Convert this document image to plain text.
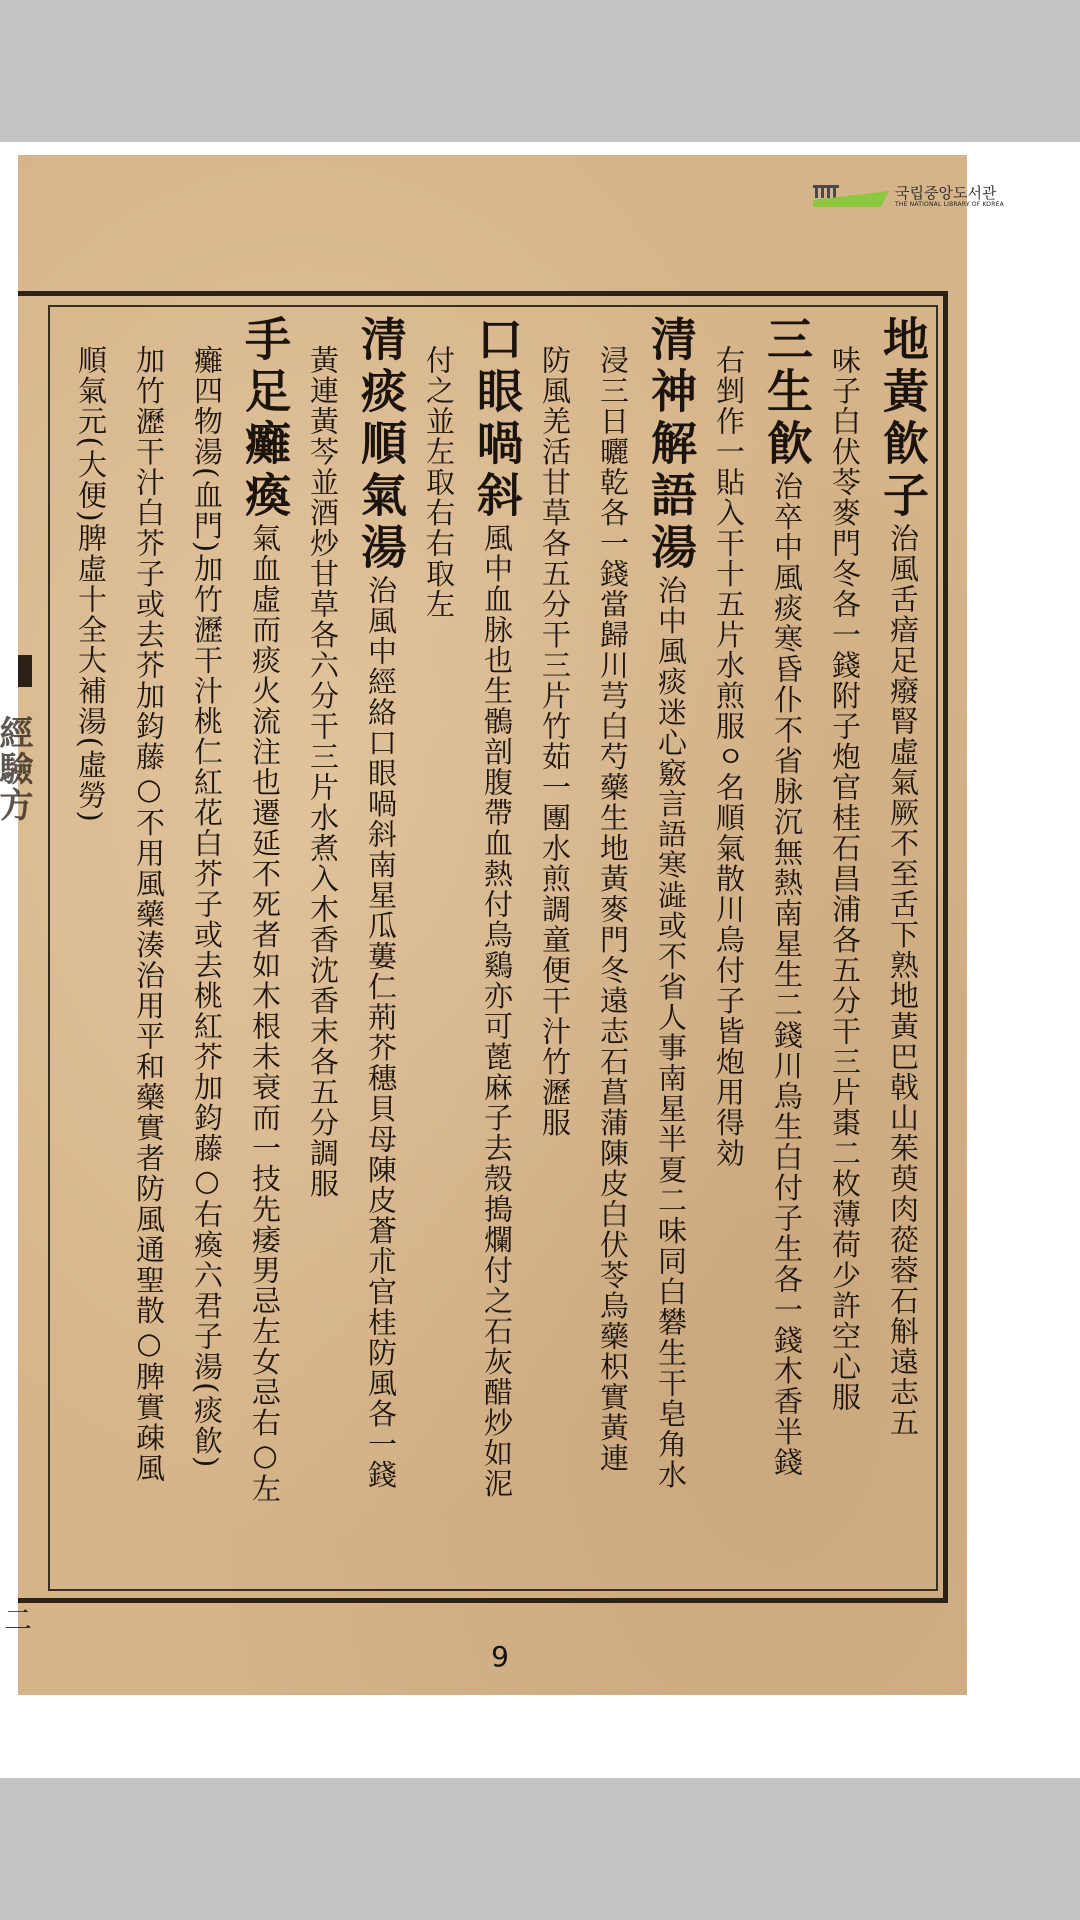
地黃飮子治風舌瘖足癈腎虛氣厥不至舌下熟地黃巴戟山茱萸肉蓯蓉石斛遠志五

味子白伏苓麥門冬各一錢附子炮官桂石昌浦各五分干三片棗二枚薄荷少許空心服

三生飮治卒中風痰寒昏仆不省脉沉無熱南星生二錢川烏生白付子生各一錢木香半錢

右剉作一貼入干十五片水煎服ㅇ名順氣散川烏付子皆炮用得効

清神解語湯治中風痰迷心竅言語寒澁或不省人事南星半夏二味同白礬生干皂角水

浸三日曬乾各一錢當歸川芎白芍藥生地黃麥門冬遠志石菖蒲陳皮白伏苓烏藥枳實黃連

防風羌活甘草各五分干三片竹茹一團水煎調童便干汁竹瀝服

口眼喎斜風中血脉也生鶻剖腹帶血熱付烏鷄亦可蓖麻子去殼搗爛付之石灰醋炒如泥

付之並左取右右取左

清痰順氣湯治風中經絡口眼喎斜南星瓜蔞仁荊芥穗貝母陳皮蒼朮官桂防風各一錢

黃連黃芩並酒炒甘草各六分干三片水煮入木香沈香末各五分調服

手足癱瘓氣血虛而痰火流注也遷延不死者如木根未衰而一技先痿男忌左女忌右○左

癱四物湯(血門)加竹瀝干汁桃仁紅花白芥子或去桃紅芥加鈞藤○右瘓六君子湯(痰飮)

加竹瀝干汁白芥子或去芥加鈞藤○不用風藥湊治用平和藥實者防風通聖散○脾實疎風

順氣元(大便)脾虛十全大補湯(虛勞)

국립중앙도서관
THE NATIONAL LIBRARY OF KOREA
9
